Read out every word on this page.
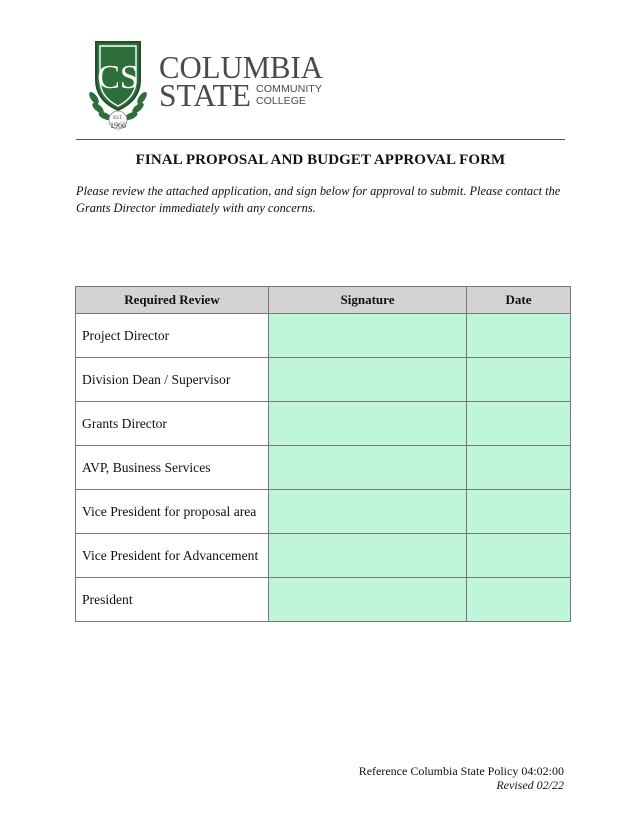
CS
EST.
1966
COLUMBIA
STATE COMMUNITY
COLLEGE
FINAL PROPOSAL AND BUDGET APPROVAL FORM
Please review the attached application, and sign below for approval to submit. Please contact the Grants Director immediately with any concerns.
Required Review	Signature	Date
Project Director		
Division Dean / Supervisor		
Grants Director		
AVP, Business Services		
Vice President for proposal area		
Vice President for Advancement		
President		
Reference Columbia State Policy 04:02:00
Revised 02/22
